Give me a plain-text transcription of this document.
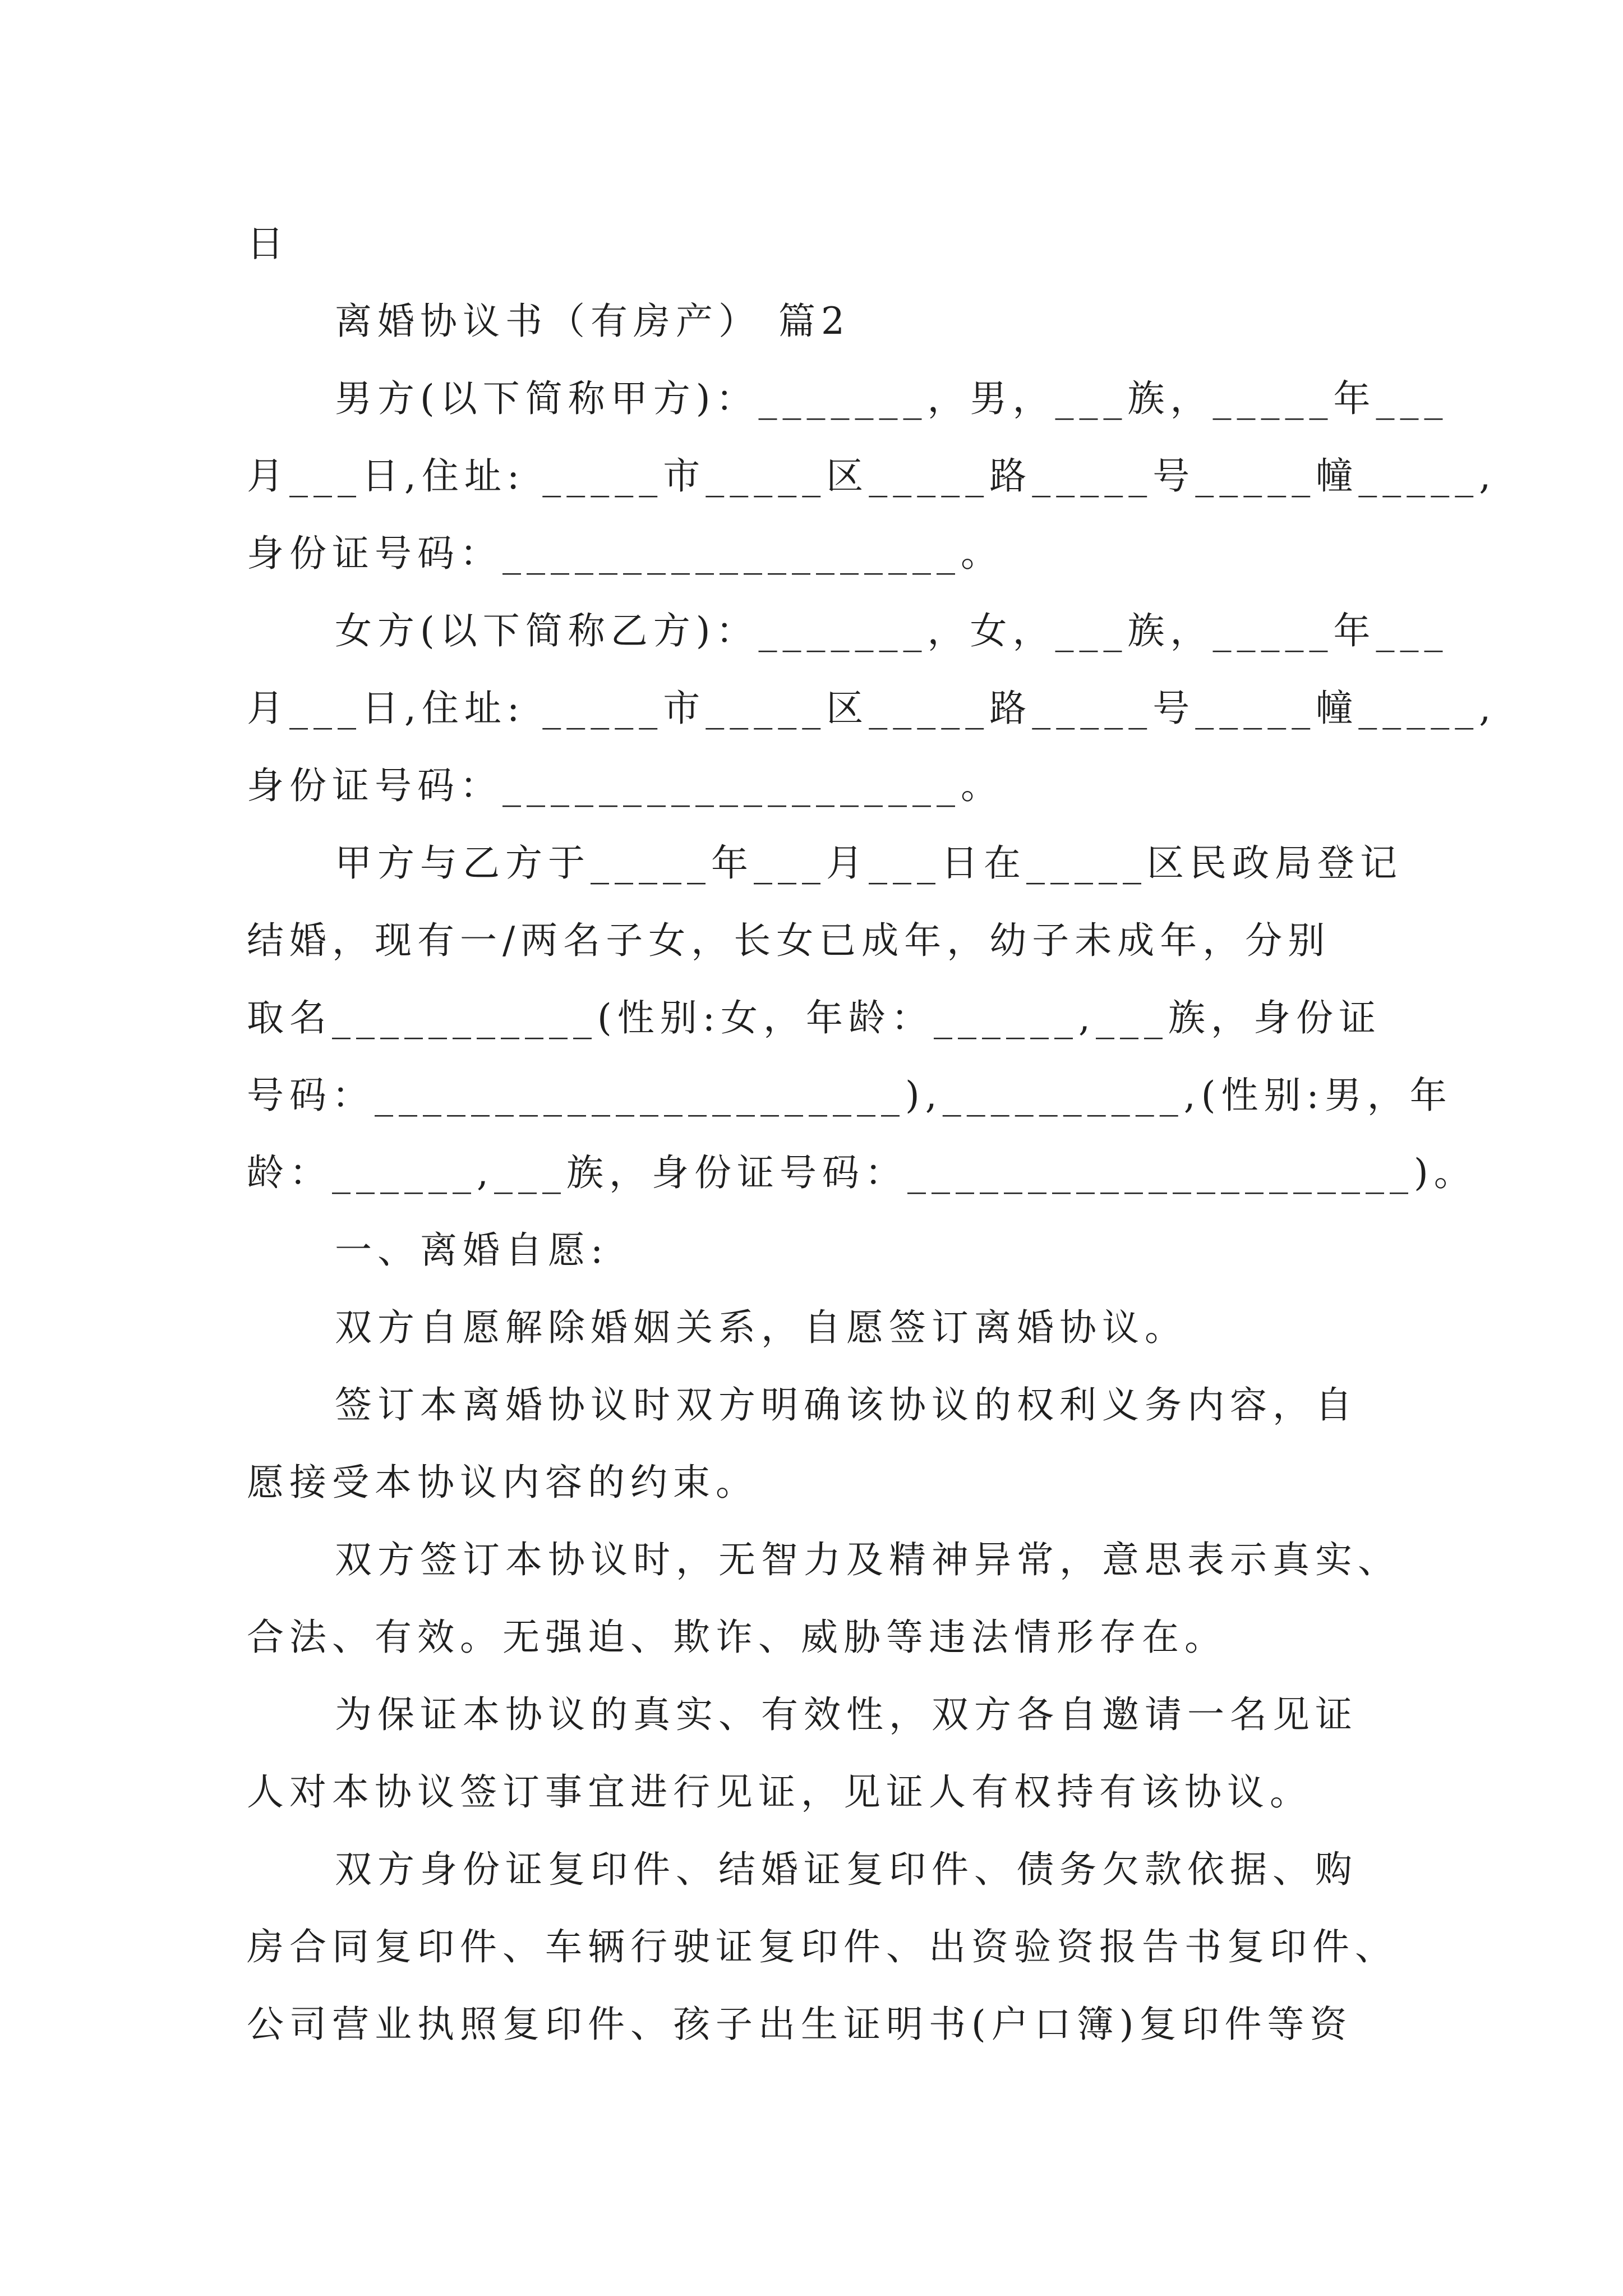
日
离婚协议书（有房产） 篇2
男方(以下简称甲方)：_______，男，___族，_____年___
月___日,住址: _____市_____区_____路_____号_____幢_____,
身份证号码：___________________。
女方(以下简称乙方)：_______，女，___族，_____年___
月___日,住址: _____市_____区_____路_____号_____幢_____,
身份证号码：___________________。
甲方与乙方于_____年___月___日在_____区民政局登记
结婚，现有一/两名子女，长女已成年，幼子未成年，分别
取名___________(性别:女，年龄：______,___族，身份证
号码：______________________),__________,(性别:男，年
龄：______,___族，身份证号码：_____________________)。
一、离婚自愿:
双方自愿解除婚姻关系，自愿签订离婚协议。
签订本离婚协议时双方明确该协议的权利义务内容，自
愿接受本协议内容的约束。
双方签订本协议时，无智力及精神异常，意思表示真实、
合法、有效。无强迫、欺诈、威胁等违法情形存在。
为保证本协议的真实、有效性，双方各自邀请一名见证
人对本协议签订事宜进行见证，见证人有权持有该协议。
双方身份证复印件、结婚证复印件、债务欠款依据、购
房合同复印件、车辆行驶证复印件、出资验资报告书复印件、
公司营业执照复印件、孩子出生证明书(户口簿)复印件等资
